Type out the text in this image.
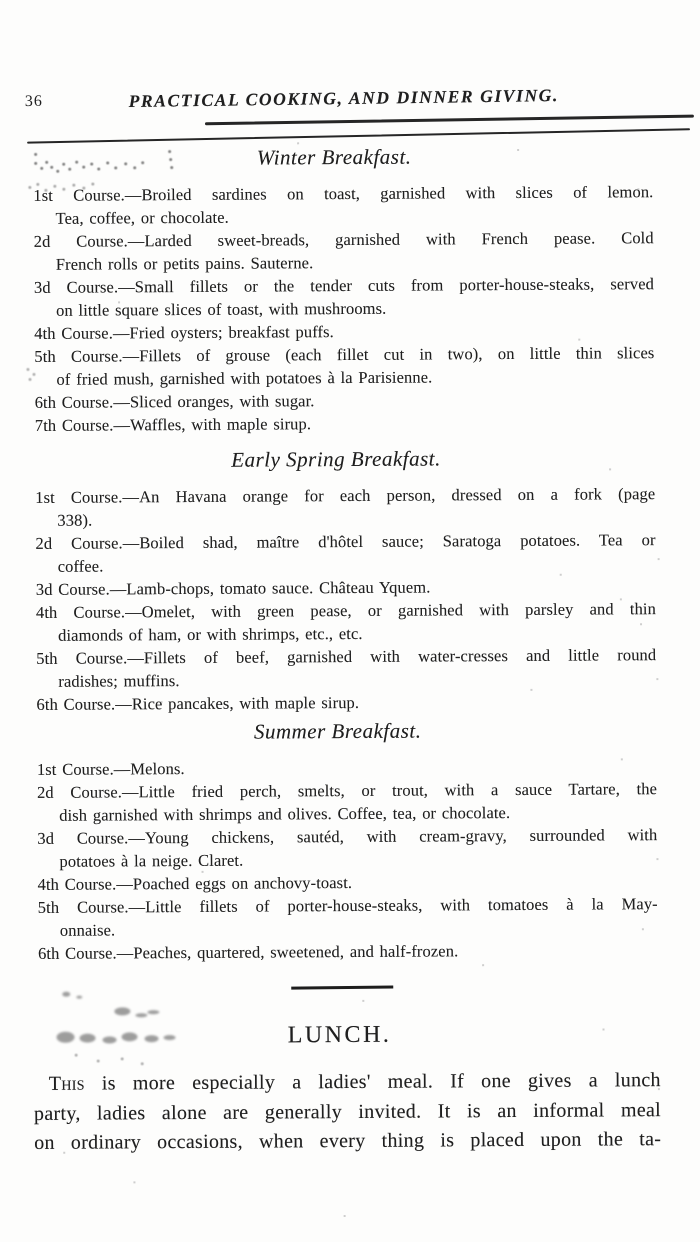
36	PRACTICAL COOKING, AND DINNER GIVING.
Winter Breakfast.
1st Course.—Broiled sardines on toast, garnished with slices of lemon.
Tea, coffee, or chocolate.
2d Course.—Larded sweet-breads, garnished with French pease. Cold
French rolls or petits pains. Sauterne.
3d Course.—Small fillets or the tender cuts from porter-house-steaks, served
on little square slices of toast, with mushrooms.
4th Course.—Fried oysters; breakfast puffs.
5th Course.—Fillets of grouse (each fillet cut in two), on little thin slices
of fried mush, garnished with potatoes à la Parisienne.
6th Course.—Sliced oranges, with sugar.
7th Course.—Waffles, with maple sirup.
Early Spring Breakfast.
1st Course.—An Havana orange for each person, dressed on a fork (page
338).
2d Course.—Boiled shad, maître d'hôtel sauce; Saratoga potatoes. Tea or
coffee.
3d Course.—Lamb-chops, tomato sauce. Château Yquem.
4th Course.—Omelet, with green pease, or garnished with parsley and thin
diamonds of ham, or with shrimps, etc., etc.
5th Course.—Fillets of beef, garnished with water-cresses and little round
radishes; muffins.
6th Course.—Rice pancakes, with maple sirup.
Summer Breakfast.
1st Course.—Melons.
2d Course.—Little fried perch, smelts, or trout, with a sauce Tartare, the
dish garnished with shrimps and olives. Coffee, tea, or chocolate.
3d Course.—Young chickens, sautéd, with cream-gravy, surrounded with
potatoes à la neige. Claret.
4th Course.—Poached eggs on anchovy-toast.
5th Course.—Little fillets of porter-house-steaks, with tomatoes à la May-
onnaise.
6th Course.—Peaches, quartered, sweetened, and half-frozen.
LUNCH.
This is more especially a ladies' meal. If one gives a lunch
party, ladies alone are generally invited. It is an informal meal
on ordinary occasions, when every thing is placed upon the ta-
